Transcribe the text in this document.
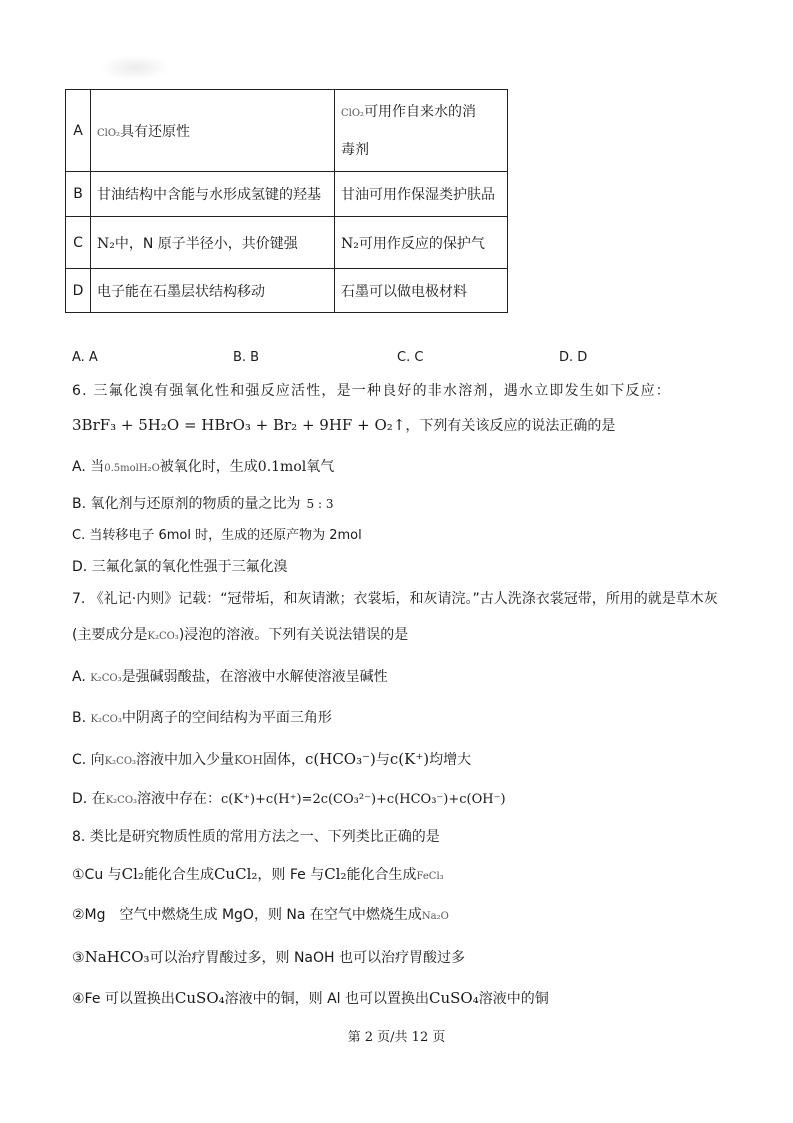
A	ClO₂具有还原性	ClO₂可用作自来水的消
毒剂

B	甘油结构中含能与水形成氢键的羟基	甘油可用作保湿类护肤品
C	N₂中，N 原子半径小，共价键强	N₂可用作反应的保护气
D	电子能在石墨层状结构移动	石墨可以做电极材料
A. A	B. B	C. C	D. D
6. 三氟化溴有强氧化性和强反应活性，是一种良好的非水溶剂，遇水立即发生如下反应：
3BrF₃ + 5H₂O = HBrO₃ + Br₂ + 9HF + O₂↑，下列有关该反应的说法正确的是
A. 当0.5molH₂O被氧化时，生成0.1mol氧气
B. 氧化剂与还原剂的物质的量之比为 5 : 3
C. 当转移电子 6mol 时，生成的还原产物为 2mol
D. 三氟化氯的氧化性强于三氟化溴
7. 《礼记·内则》记载：“冠带垢，和灰请漱；衣裳垢，和灰请浣。”古人洗涤衣裳冠带，所用的就是草木灰
(主要成分是K₂CO₃)浸泡的溶液。下列有关说法错误的是
A. K₂CO₃是强碱弱酸盐，在溶液中水解使溶液呈碱性
B. K₂CO₃中阴离子的空间结构为平面三角形
C. 向K₂CO₃溶液中加入少量KOH固体，c(HCO₃⁻)与c(K⁺)均增大
D. 在K₂CO₃溶液中存在：c(K⁺)+c(H⁺)=2c(CO₃²⁻)+c(HCO₃⁻)+c(OH⁻)
8. 类比是研究物质性质的常用方法之一、下列类比正确的是
①Cu 与Cl₂能化合生成CuCl₂，则 Fe 与Cl₂能化合生成FeCl₃
②Mg　空气中燃烧生成 MgO，则 Na 在空气中燃烧生成Na₂O
③NaHCO₃可以治疗胃酸过多，则 NaOH 也可以治疗胃酸过多
④Fe 可以置换出CuSO₄溶液中的铜，则 Al 也可以置换出CuSO₄溶液中的铜
第 2 页/共 12 页
